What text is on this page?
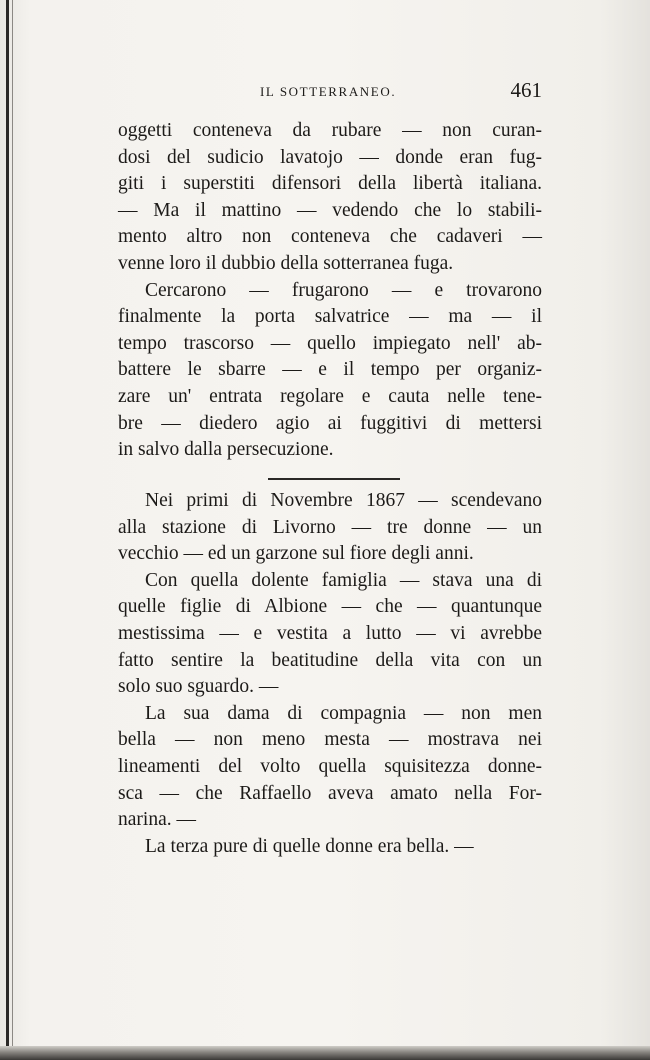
IL SOTTERRANEO.	461
oggetti conteneva da rubare — non curan-
dosi del sudicio lavatojo — donde eran fug-
giti i superstiti difensori della libertà italiana.
— Ma il mattino — vedendo che lo stabili-
mento altro non conteneva che cadaveri —
venne loro il dubbio della sotterranea fuga.
Cercarono — frugarono — e trovarono
finalmente la porta salvatrice — ma — il
tempo trascorso — quello impiegato nell' ab-
battere le sbarre — e il tempo per organiz-
zare un' entrata regolare e cauta nelle tene-
bre — diedero agio ai fuggitivi di mettersi
in salvo dalla persecuzione.
Nei primi di Novembre 1867 — scendevano
alla stazione di Livorno — tre donne — un
vecchio — ed un garzone sul fiore degli anni.
Con quella dolente famiglia — stava una di
quelle figlie di Albione — che — quantunque
mestissima — e vestita a lutto — vi avrebbe
fatto sentire la beatitudine della vita con un
solo suo sguardo. —
La sua dama di compagnia — non men
bella — non meno mesta — mostrava nei
lineamenti del volto quella squisitezza donne-
sca — che Raffaello aveva amato nella For-
narina. —
La terza pure di quelle donne era bella. —
